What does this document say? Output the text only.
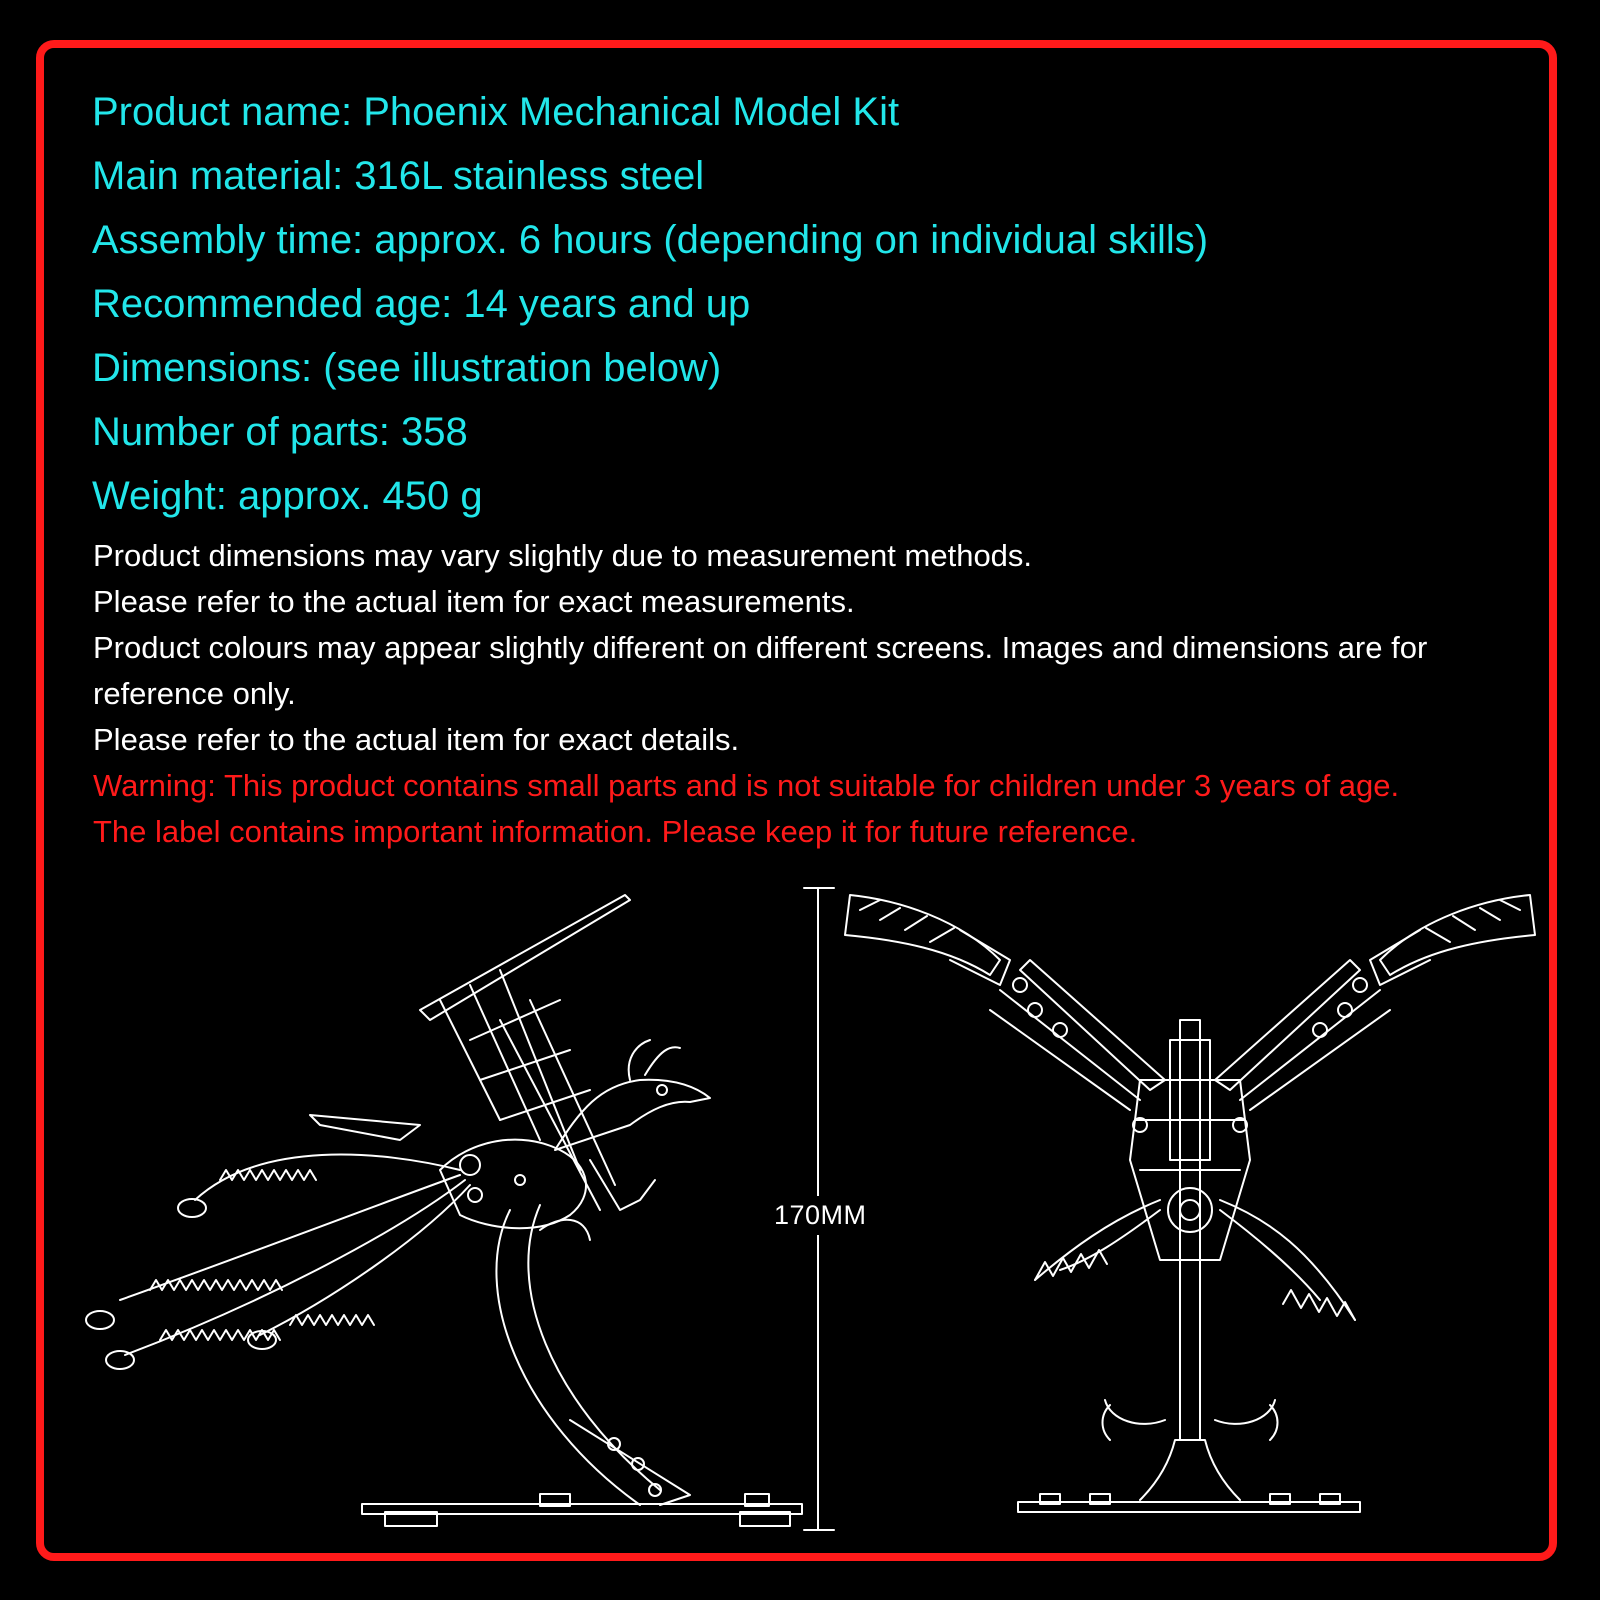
Product name: Phoenix Mechanical Model Kit
Main material: 316L stainless steel
Assembly time: approx. 6 hours (depending on individual skills)
Recommended age: 14 years and up
Dimensions: (see illustration below)
Number of parts: 358
Weight: approx. 450 g
Product dimensions may vary slightly due to measurement methods.
Please refer to the actual item for exact measurements.
Product colours may appear slightly different on different screens. Images and dimensions are for reference only.
Please refer to the actual item for exact details.
Warning: This product contains small parts and is not suitable for children under 3 years of age.
The label contains important information. Please keep it for future reference.
170MM
